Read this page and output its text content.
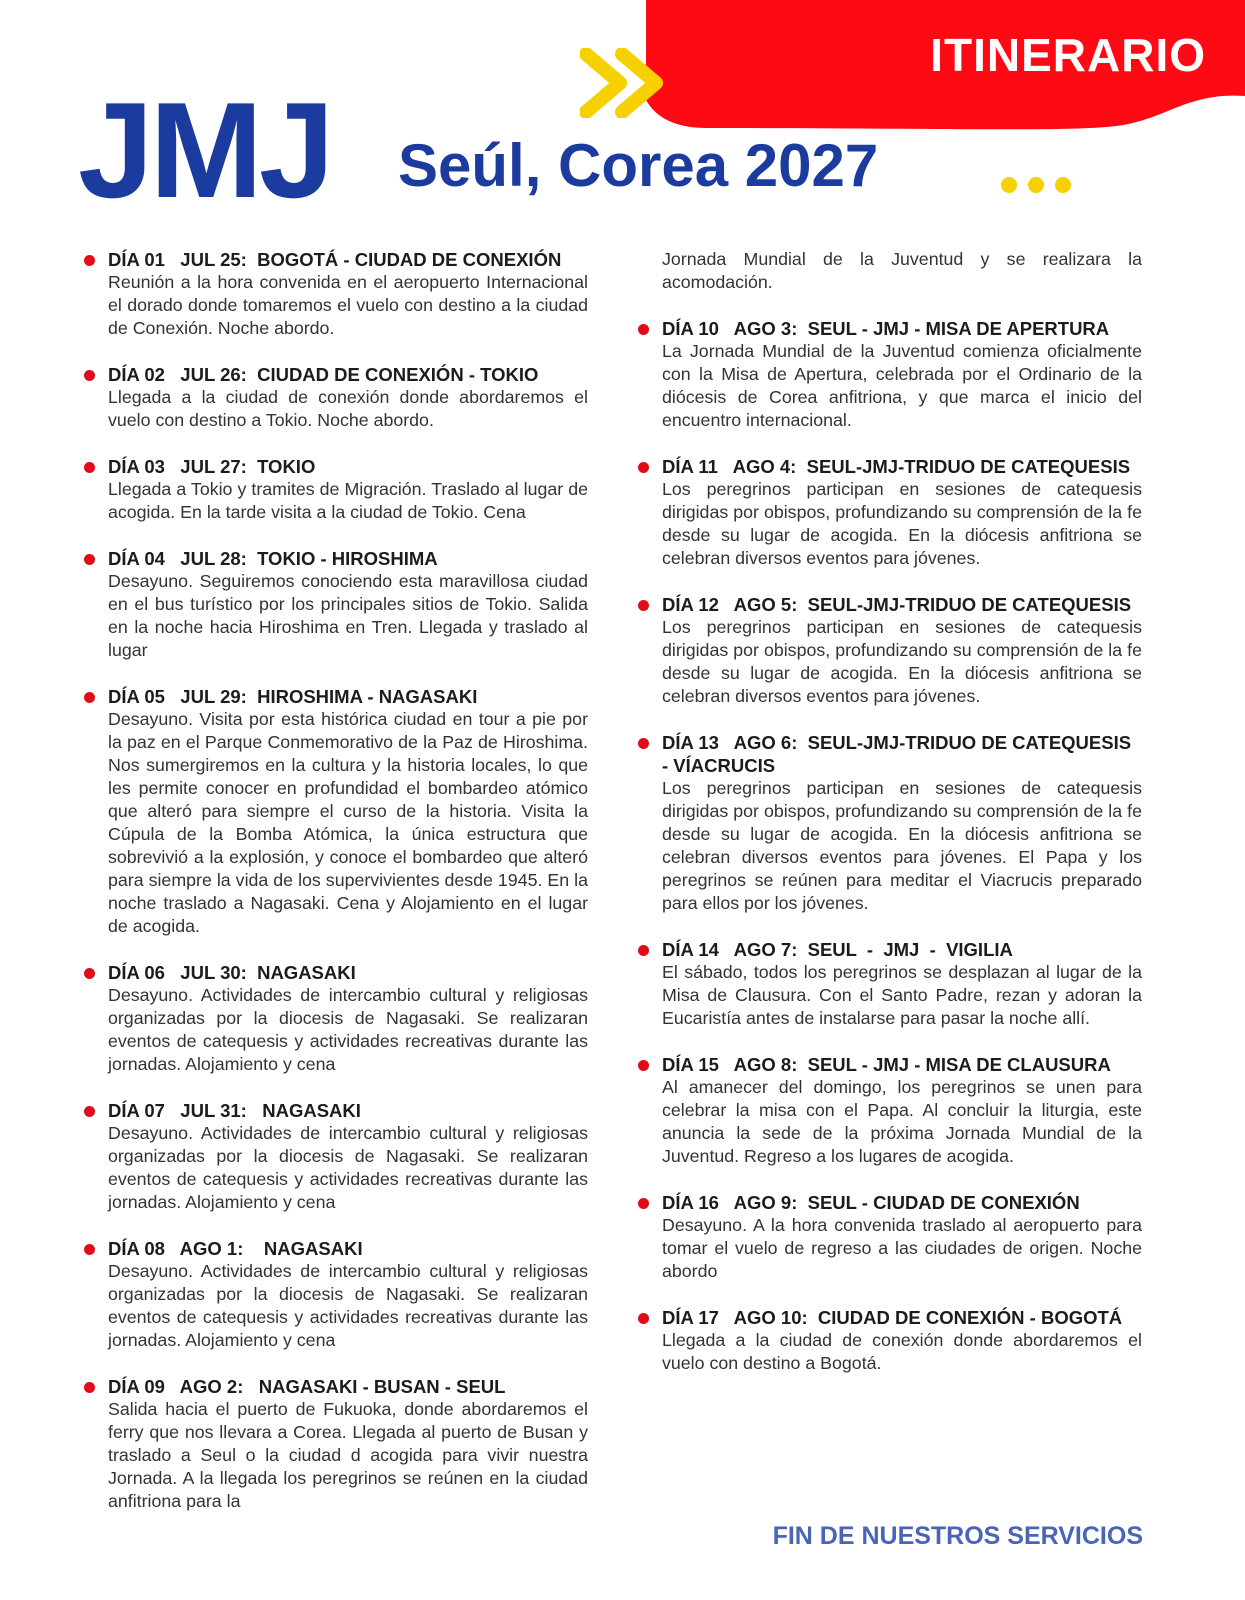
ITINERARIO
JMJ Seúl, Corea 2027
DÍA 01   JUL 25:  BOGOTÁ - CIUDAD DE CONEXIÓN
Reunión a la hora convenida en el aeropuerto Internacional el dorado donde tomaremos el vuelo con destino a la ciudad de Conexión. Noche abordo.
DÍA 02   JUL 26:  CIUDAD DE CONEXIÓN - TOKIO
Llegada a la ciudad de conexión donde abordaremos el vuelo con destino a Tokio. Noche abordo.
DÍA 03   JUL 27:  TOKIO
Llegada a Tokio y tramites de Migración. Traslado al lugar de acogida. En la tarde visita a la ciudad de Tokio. Cena
DÍA 04   JUL 28:  TOKIO - HIROSHIMA
Desayuno. Seguiremos conociendo esta maravillosa ciudad en el bus turístico por los principales sitios de Tokio. Salida en la noche hacia Hiroshima en Tren. Llegada y traslado al lugar
DÍA 05   JUL 29:  HIROSHIMA - NAGASAKI
Desayuno. Visita por esta histórica ciudad en tour a pie por la paz en el Parque Conmemorativo de la Paz de Hiroshima. Nos sumergiremos en la cultura y la historia locales, lo que les permite conocer en profundidad el bombardeo atómico que alteró para siempre el curso de la historia. Visita la Cúpula de la Bomba Atómica, la única estructura que sobrevivió a la explosión, y conoce el bombardeo que alteró para siempre la vida de los supervivientes desde 1945. En la noche traslado a Nagasaki. Cena y Alojamiento en el lugar de acogida.
DÍA 06   JUL 30:  NAGASAKI
Desayuno. Actividades de intercambio cultural y religiosas organizadas por la diocesis de Nagasaki. Se realizaran eventos de catequesis y actividades recreativas durante las jornadas. Alojamiento y cena
DÍA 07   JUL 31:   NAGASAKI
Desayuno. Actividades de intercambio cultural y religiosas organizadas por la diocesis de Nagasaki. Se realizaran eventos de catequesis y actividades recreativas durante las jornadas. Alojamiento y cena
DÍA 08   AGO 1:    NAGASAKI
Desayuno. Actividades de intercambio cultural y religiosas organizadas por la diocesis de Nagasaki. Se realizaran eventos de catequesis y actividades recreativas durante las jornadas. Alojamiento y cena
DÍA 09   AGO 2:   NAGASAKI - BUSAN - SEUL
Salida hacia el puerto de Fukuoka, donde abordaremos el ferry que nos llevara a Corea. Llegada al puerto de Busan y traslado a Seul o la ciudad d acogida para vivir nuestra Jornada. A la llegada los peregrinos se reúnen en la ciudad anfitriona para la
Jornada Mundial de la Juventud y se realizara la acomodación.
DÍA 10   AGO 3:  SEUL - JMJ - MISA DE APERTURA
La Jornada Mundial de la Juventud comienza oficialmente con la Misa de Apertura, celebrada por el Ordinario de la diócesis de Corea anfitriona, y que marca el inicio del encuentro internacional.
DÍA 11   AGO 4:  SEUL-JMJ-TRIDUO DE CATEQUESIS
Los peregrinos participan en sesiones de catequesis dirigidas por obispos, profundizando su comprensión de la fe desde su lugar de acogida. En la diócesis anfitriona se celebran diversos eventos para jóvenes.
DÍA 12   AGO 5:  SEUL-JMJ-TRIDUO DE CATEQUESIS
Los peregrinos participan en sesiones de catequesis dirigidas por obispos, profundizando su comprensión de la fe desde su lugar de acogida. En la diócesis anfitriona se celebran diversos eventos para jóvenes.
DÍA 13   AGO 6:  SEUL-JMJ-TRIDUO DE CATEQUESIS
- VÍACRUCIS
Los peregrinos participan en sesiones de catequesis dirigidas por obispos, profundizando su comprensión de la fe desde su lugar de acogida. En la diócesis anfitriona se celebran diversos eventos para jóvenes. El Papa y los peregrinos se reúnen para meditar el Viacrucis preparado para ellos por los jóvenes.
DÍA 14   AGO 7:  SEUL  -  JMJ  -  VIGILIA
El sábado, todos los peregrinos se desplazan al lugar de la Misa de Clausura. Con el Santo Padre, rezan y adoran la Eucaristía antes de instalarse para pasar la noche allí.
DÍA 15   AGO 8:  SEUL - JMJ - MISA DE CLAUSURA
Al amanecer del domingo, los peregrinos se unen para celebrar la misa con el Papa. Al concluir la liturgia, este anuncia la sede de la próxima Jornada Mundial de la Juventud. Regreso a los lugares de acogida.
DÍA 16   AGO 9:  SEUL - CIUDAD DE CONEXIÓN
Desayuno. A la hora convenida traslado al aeropuerto para tomar el vuelo de regreso a las ciudades de origen. Noche abordo
DÍA 17   AGO 10:  CIUDAD DE CONEXIÓN - BOGOTÁ
Llegada a la ciudad de conexión donde abordaremos el vuelo con destino a Bogotá.
FIN DE NUESTROS SERVICIOS
